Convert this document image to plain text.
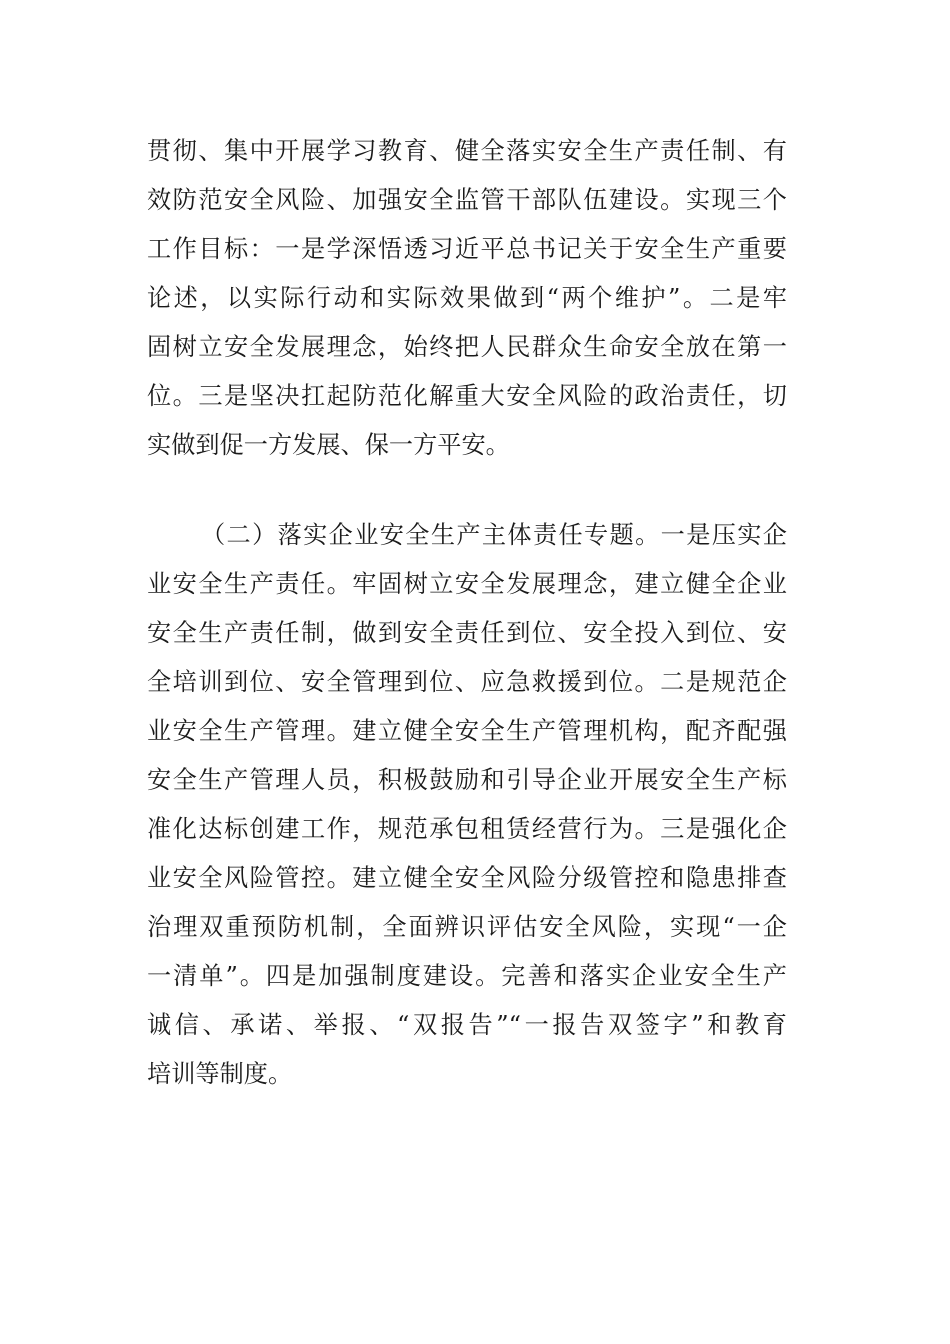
贯彻、集中开展学习教育、健全落实安全生产责任制、有
效防范安全风险、加强安全监管干部队伍建设。实现三个
工作目标：一是学深悟透习近平总书记关于安全生产重要
论述，以实际行动和实际效果做到“两个维护”。二是牢
固树立安全发展理念，始终把人民群众生命安全放在第一
位。三是坚决扛起防范化解重大安全风险的政治责任，切
实做到促一方发展、保一方平安。
（二）落实企业安全生产主体责任专题。一是压实企
业安全生产责任。牢固树立安全发展理念，建立健全企业
安全生产责任制，做到安全责任到位、安全投入到位、安
全培训到位、安全管理到位、应急救援到位。二是规范企
业安全生产管理。建立健全安全生产管理机构，配齐配强
安全生产管理人员，积极鼓励和引导企业开展安全生产标
准化达标创建工作，规范承包租赁经营行为。三是强化企
业安全风险管控。建立健全安全风险分级管控和隐患排查
治理双重预防机制，全面辨识评估安全风险，实现“一企
一清单”。四是加强制度建设。完善和落实企业安全生产
诚信、承诺、举报、“双报告”“一报告双签字”和教育
培训等制度。
